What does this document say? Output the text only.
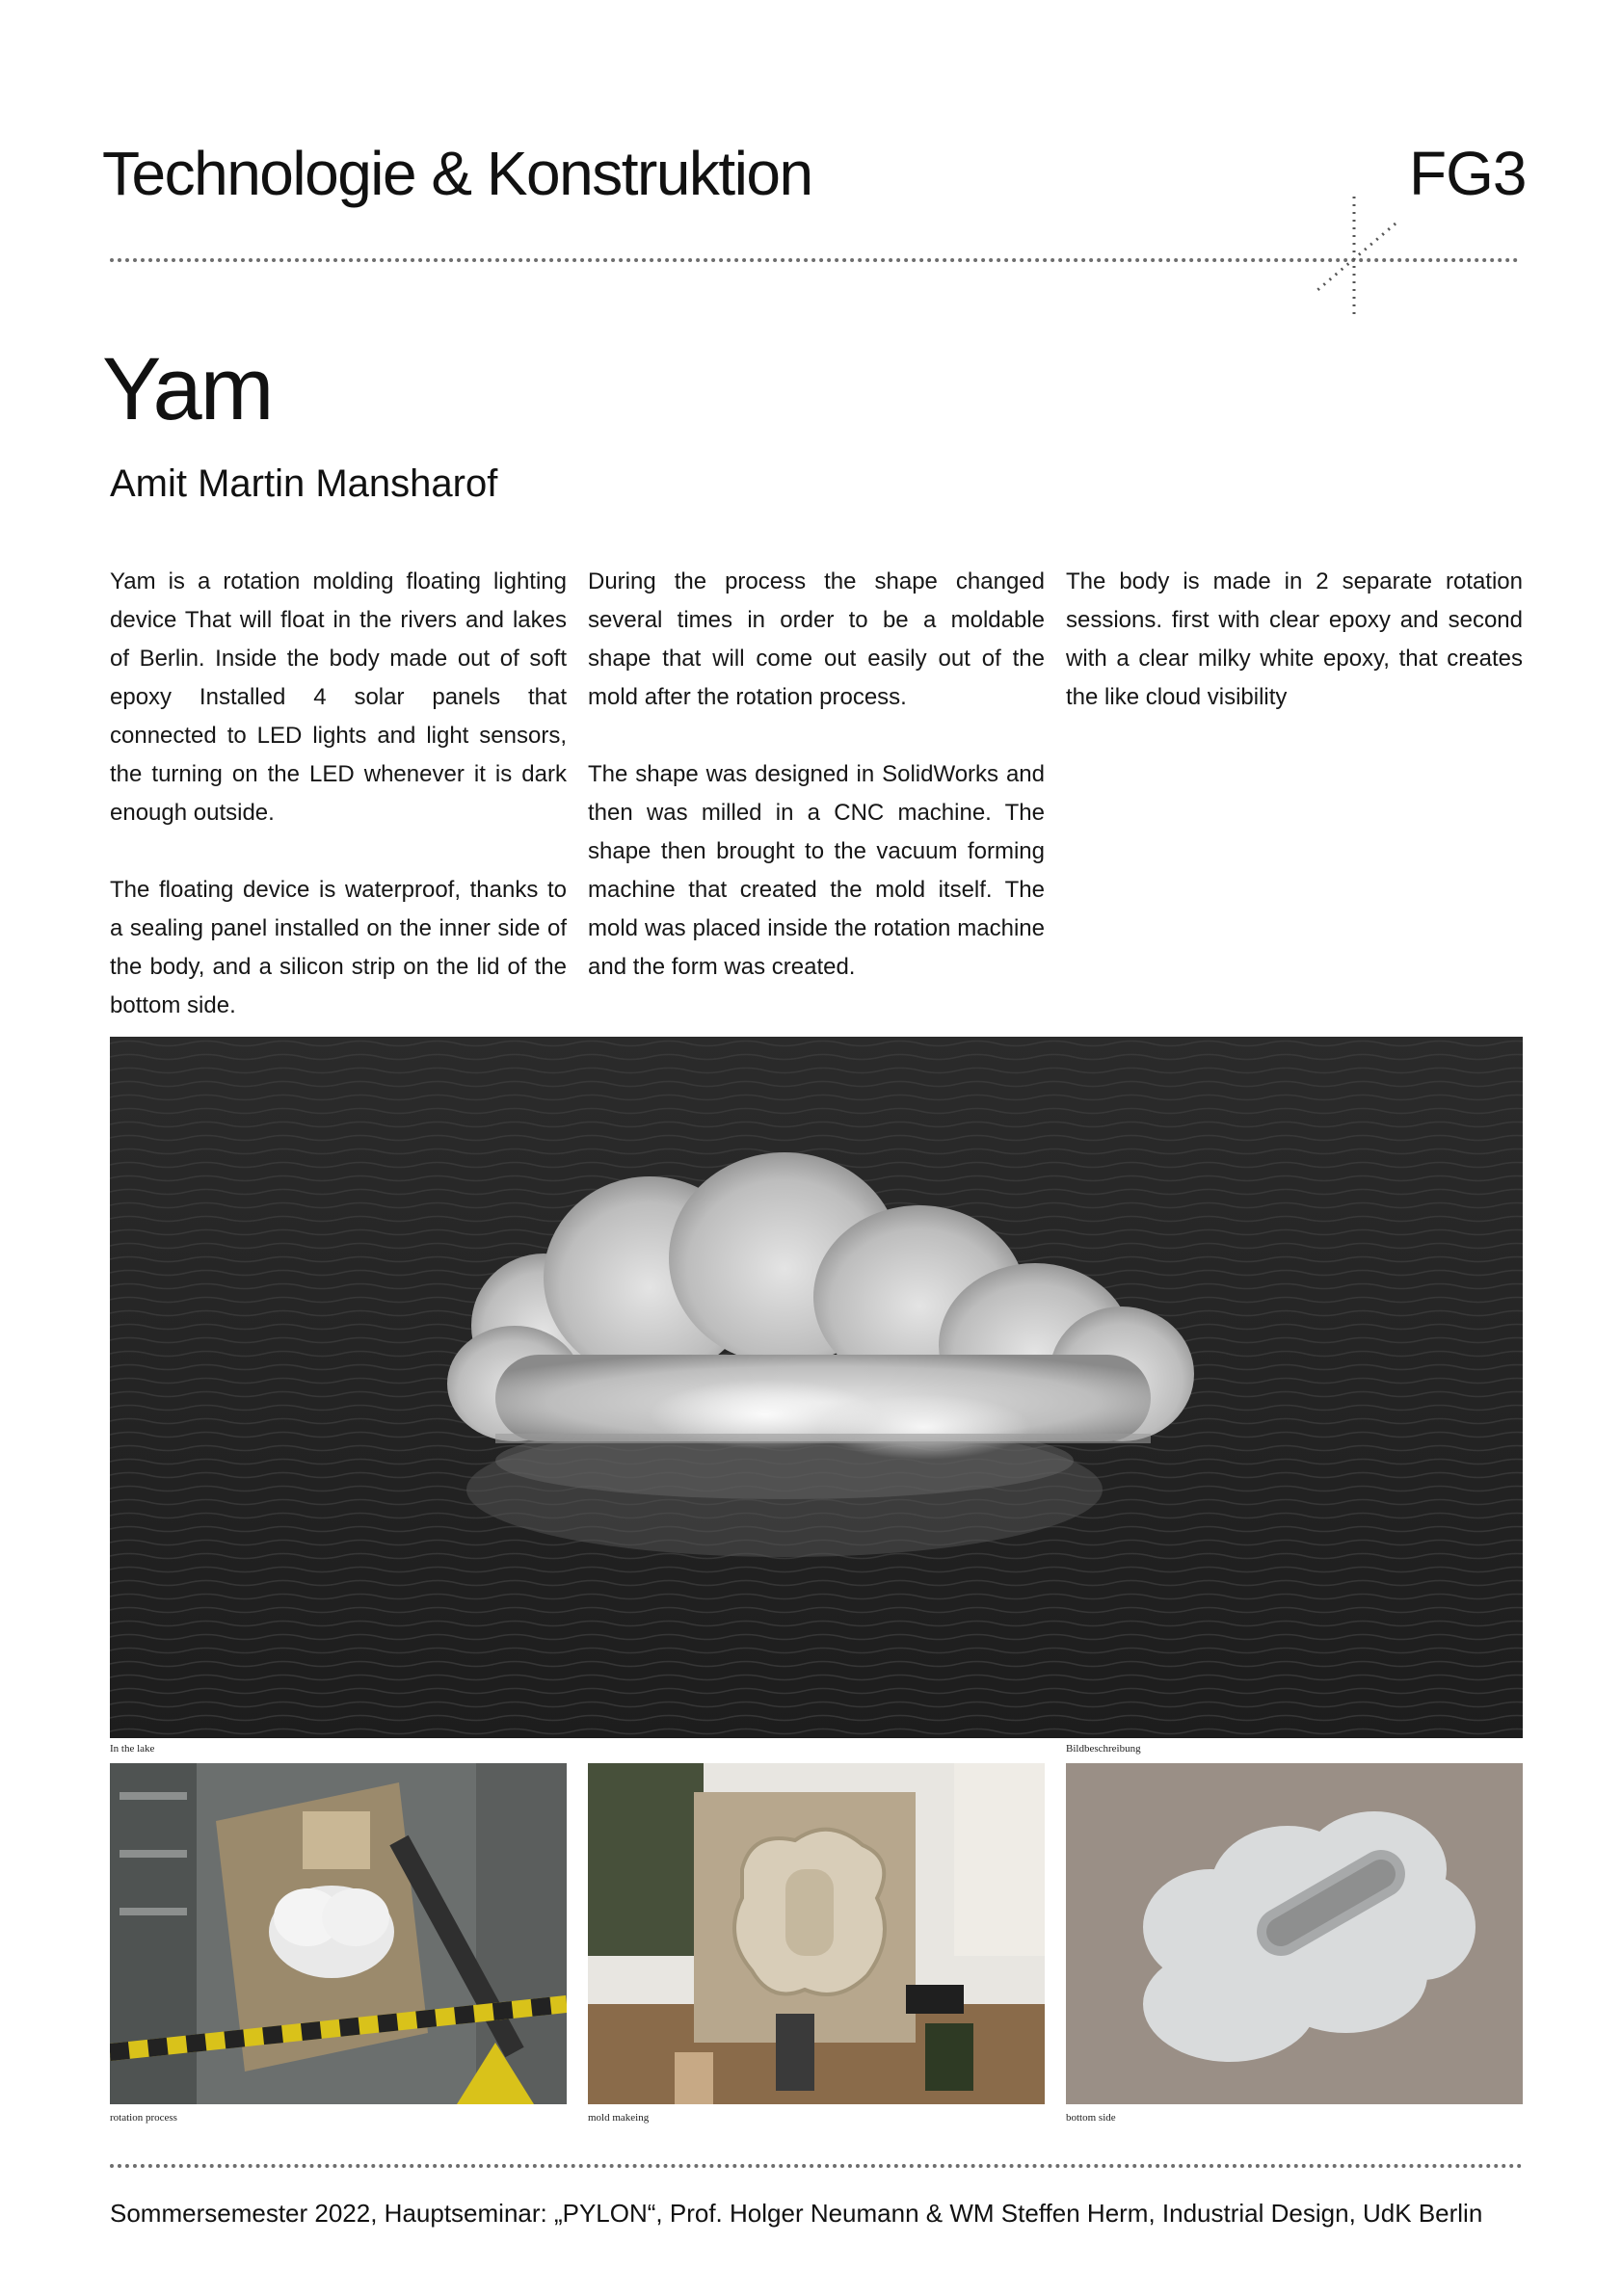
Technologie & Konstruktion	FG3
Yam
Amit Martin Mansharof

Yam is a rotation molding floating lighting device That will float in the rivers and lakes of Berlin. Inside the body made out of soft epoxy Installed 4 solar panels that connected to LED lights and light sensors, the turning on the LED whenever it is dark enough outside.

The floating device is waterproof, thanks to a sealing panel installed on the inner side of the body, and a silicon strip on the lid of the bottom side.

During the process the shape changed several times in order to be a moldable shape that will come out easily out of the mold after the rotation process.

The shape was designed in SolidWorks and then was milled in a CNC machine. The shape then brought to the vacuum forming machine that created the mold itself. The mold was placed inside the rotation machine and the form was created.

The body is made in 2 separate rotation sessions. first with clear epoxy and second with a clear milky white epoxy, that creates the like cloud visibility

In the lake	Bildbeschreibung
rotation process	mold makeing	bottom side
Sommersemester 2022, Hauptseminar: „PYLON“, Prof. Holger Neumann & WM Steffen Herm, Industrial Design, UdK Berlin
